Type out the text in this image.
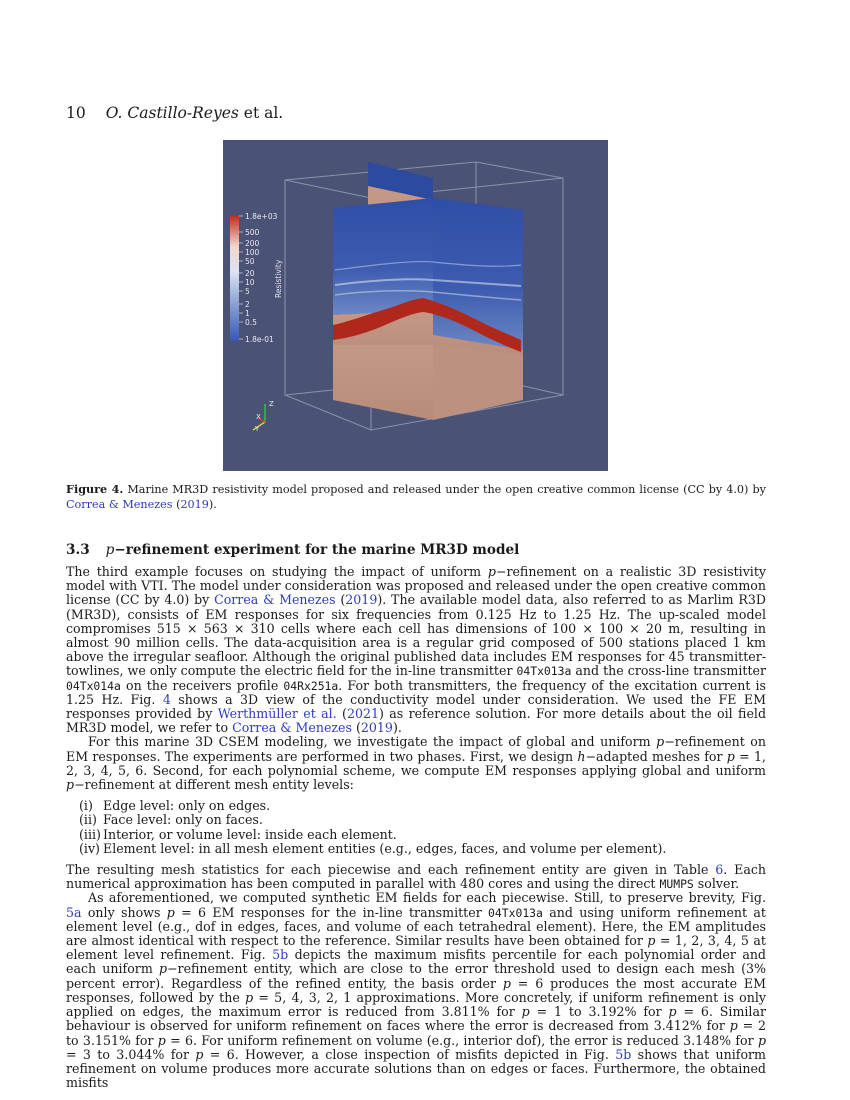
10 O. Castillo-Reyes et al.
1.8e+03
500
200
100
50
20
10
5
2
1
0.5
1.8e-01
Resistivity
Z
X
Y
Figure 4. Marine MR3D resistivity model proposed and released under the open creative common license (CC by 4.0) by Correa & Menezes (2019).
3.3 p−refinement experiment for the marine MR3D model

The third example focuses on studying the impact of uniform p−refinement on a realistic 3D resistivity model with VTI. The model under consideration was proposed and released under the open creative common license (CC by 4.0) by Correa & Menezes (2019). The available model data, also referred to as Marlim R3D (MR3D), consists of EM responses for six frequencies from 0.125 Hz to 1.25 Hz. The up-scaled model compromises 515 × 563 × 310 cells where each cell has dimensions of 100 × 100 × 20 m, resulting in almost 90 million cells. The data-acquisition area is a regular grid composed of 500 stations placed 1 km above the irregular seafloor. Although the original published data includes EM responses for 45 transmitter-towlines, we only compute the electric field for the in-line transmitter 04Tx013a and the cross-line transmitter 04Tx014a on the receivers profile 04Rx251a. For both transmitters, the frequency of the excitation current is 1.25 Hz. Fig. 4 shows a 3D view of the conductivity model under consideration. We used the FE EM responses provided by Werthmüller et al. (2021) as reference solution. For more details about the oil field MR3D model, we refer to Correa & Menezes (2019).

For this marine 3D CSEM modeling, we investigate the impact of global and uniform p−refinement on EM responses. The experiments are performed in two phases. First, we design h−adapted meshes for p = 1, 2, 3, 4, 5, 6. Second, for each polynomial scheme, we compute EM responses applying global and uniform p−refinement at different mesh entity levels:

(i) Edge level: only on edges.
(ii) Face level: only on faces.
(iii) Interior, or volume level: inside each element.
(iv) Element level: in all mesh element entities (e.g., edges, faces, and volume per element).

The resulting mesh statistics for each piecewise and each refinement entity are given in Table 6. Each numerical approximation has been computed in parallel with 480 cores and using the direct MUMPS solver.

As aforementioned, we computed synthetic EM fields for each piecewise. Still, to preserve brevity, Fig. 5a only shows p = 6 EM responses for the in-line transmitter 04Tx013a and using uniform refinement at element level (e.g., dof in edges, faces, and volume of each tetrahedral element). Here, the EM amplitudes are almost identical with respect to the reference. Similar results have been obtained for p = 1, 2, 3, 4, 5 at element level refinement. Fig. 5b depicts the maximum misfits percentile for each polynomial order and each uniform p−refinement entity, which are close to the error threshold used to design each mesh (3% percent error). Regardless of the refined entity, the basis order p = 6 produces the most accurate EM responses, followed by the p = 5, 4, 3, 2, 1 approximations. More concretely, if uniform refinement is only applied on edges, the maximum error is reduced from 3.811% for p = 1 to 3.192% for p = 6. Similar behaviour is observed for uniform refinement on faces where the error is decreased from 3.412% for p = 2 to 3.151% for p = 6. For uniform refinement on volume (e.g., interior dof), the error is reduced 3.148% for p = 3 to 3.044% for p = 6. However, a close inspection of misfits depicted in Fig. 5b shows that uniform refinement on volume produces more accurate solutions than on edges or faces. Furthermore, the obtained misfits
